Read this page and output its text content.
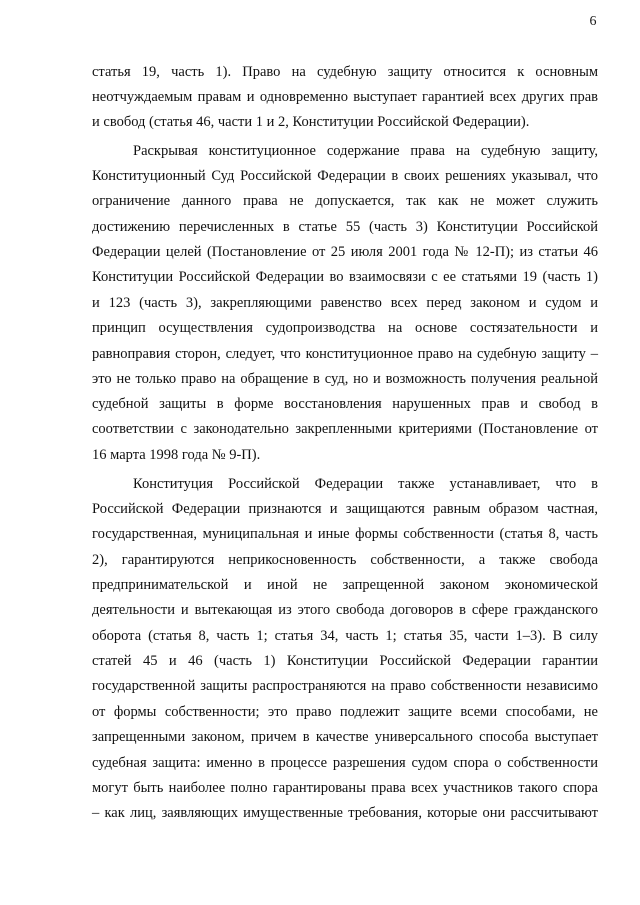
6

статья 19, часть 1). Право на судебную защиту относится к основным

неотчуждаемым правам и одновременно выступает гарантией всех других прав

и свобод (статья 46, части 1 и 2, Конституции Российской Федерации).

Раскрывая конституционное содержание права на судебную защиту,

Конституционный Суд Российской Федерации в своих решениях указывал, что

ограничение данного права не допускается, так как не может служить

достижению перечисленных в статье 55 (часть 3) Конституции Российской

Федерации целей (Постановление от 25 июля 2001 года № 12-П); из статьи 46

Конституции Российской Федерации во взаимосвязи с ее статьями 19 (часть 1)

и 123 (часть 3), закрепляющими равенство всех перед законом и судом и

принцип осуществления судопроизводства на основе состязательности и

равноправия сторон, следует, что конституционное право на судебную защиту –

это не только право на обращение в суд, но и возможность получения реальной

судебной защиты в форме восстановления нарушенных прав и свобод в

соответствии с законодательно закрепленными критериями (Постановление от

16 марта 1998 года № 9-П).

Конституция Российской Федерации также устанавливает, что в

Российской Федерации признаются и защищаются равным образом частная,

государственная, муниципальная и иные формы собственности (статья 8, часть

2), гарантируются неприкосновенность собственности, а также свобода

предпринимательской и иной не запрещенной законом экономической

деятельности и вытекающая из этого свобода договоров в сфере гражданского

оборота (статья 8, часть 1; статья 34, часть 1; статья 35, части 1–3). В силу

статей 45 и 46 (часть 1) Конституции Российской Федерации гарантии

государственной защиты распространяются на право собственности независимо

от формы собственности; это право подлежит защите всеми способами, не

запрещенными законом, причем в качестве универсального способа выступает

судебная защита: именно в процессе разрешения судом спора о собственности

могут быть наиболее полно гарантированы права всех участников такого спора

– как лиц, заявляющих имущественные требования, которые они рассчитывают
